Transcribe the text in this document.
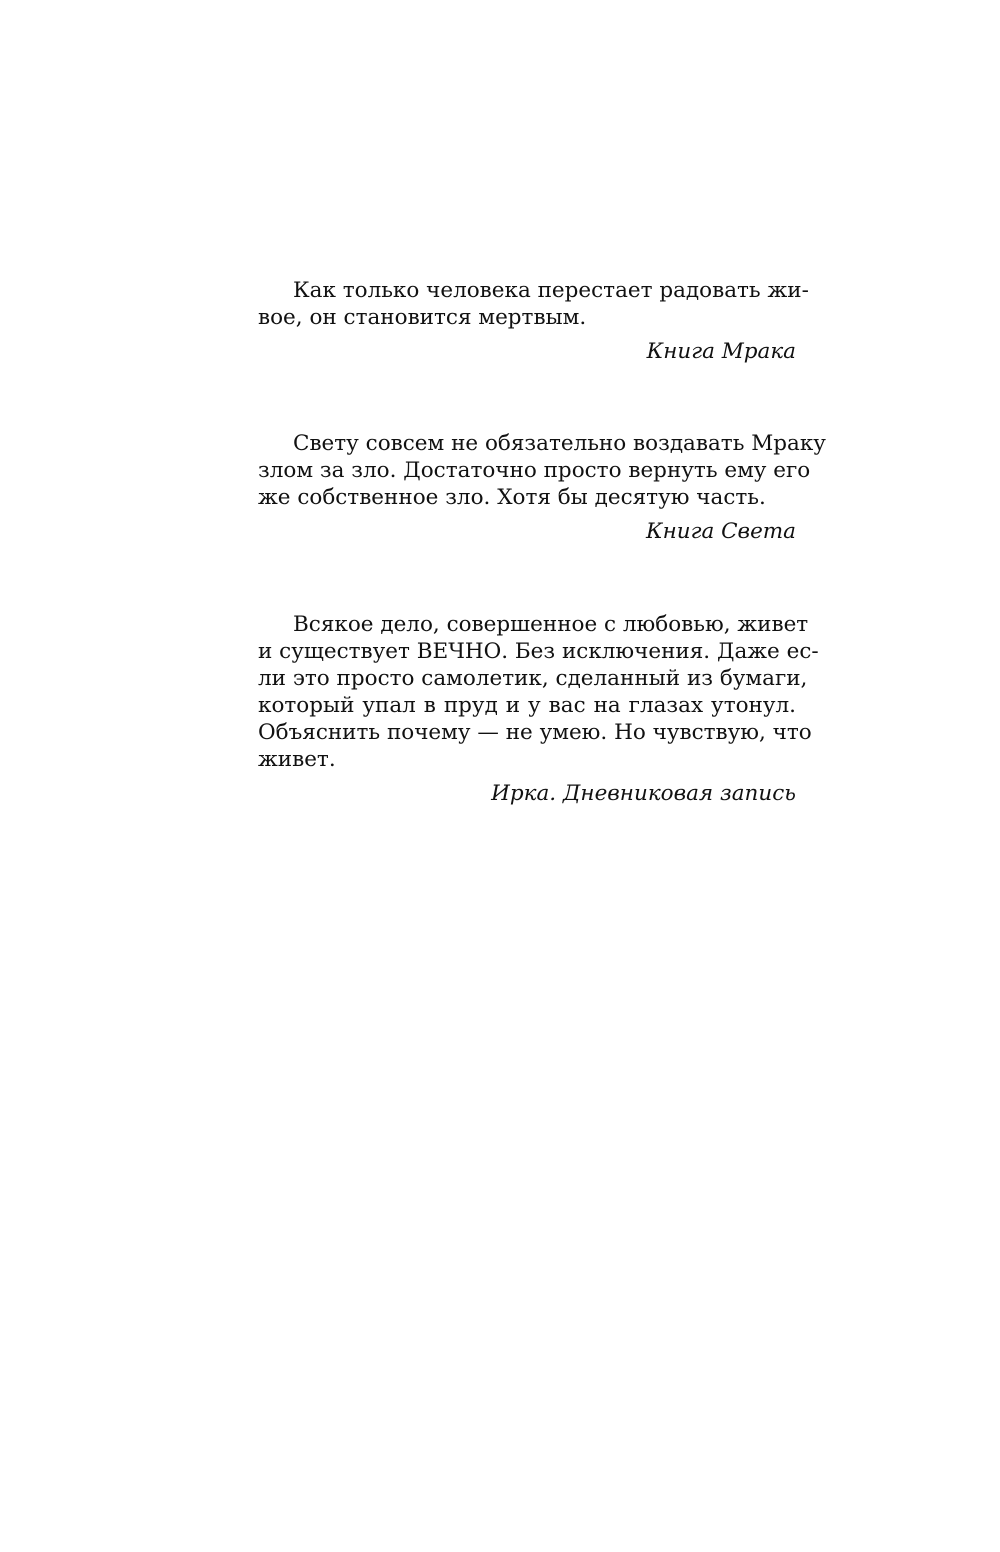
Как только человека перестает радовать жи-
вое, он становится мертвым.

Книга Мрака

Свету совсем не обязательно воздавать Мраку
злом за зло. Достаточно просто вернуть ему его
же собственное зло. Хотя бы десятую часть.

Книга Света

Всякое дело, совершенное с любовью, живет
и существует ВЕЧНО. Без исключения. Даже ес-
ли это просто самолетик, сделанный из бумаги,
который упал в пруд и у вас на глазах утонул.
Объяснить почему — не умею. Но чувствую, что
живет.

Ирка. Дневниковая запись
